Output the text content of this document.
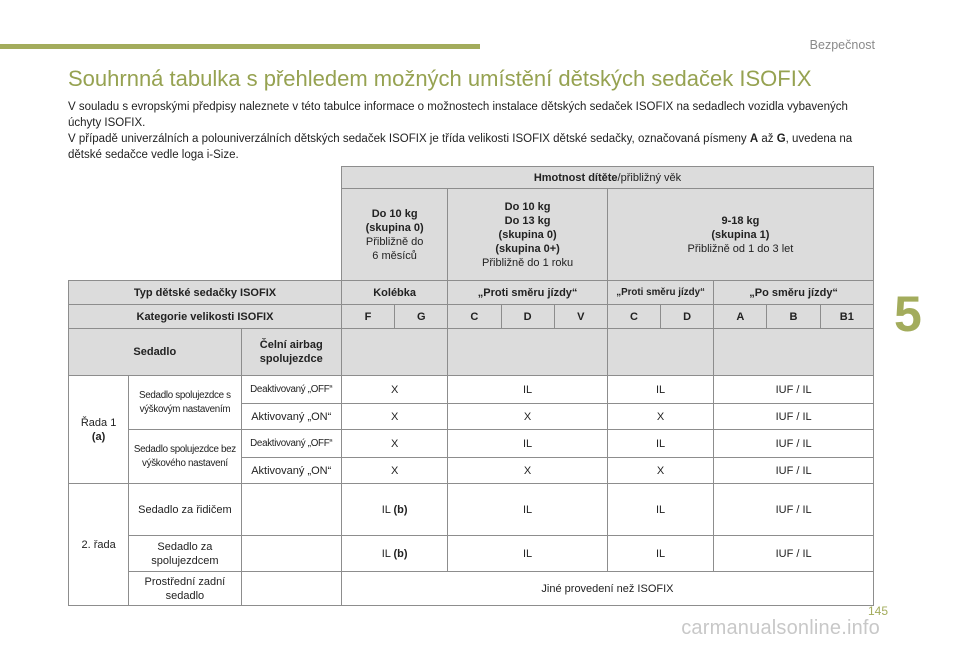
Bezpečnost
5
145
Souhrnná tabulka s přehledem možných umístění dětských sedaček ISOFIX

V souladu s evropskými předpisy naleznete v této tabulce informace o možnostech instalace dětských sedaček ISOFIX na sedadlech vozidla vybavených úchyty ISOFIX.

V případě univerzálních a polouniverzálních dětských sedaček ISOFIX je třída velikosti ISOFIX dětské sedačky, označovaná písmeny A až G, uvedena na dětské sedačce vedle loga i-Size.

			Hmotnost dítěte/přibližný věk									
			Do 10 kg
(skupina 0)
Přibližně do
6 měsíců		Do 10 kg
Do 13 kg
(skupina 0)
(skupina 0+)
Přibližně do 1 roku			9-18 kg
(skupina 1)
Přibližně od 1 do 3 let				
Typ dětské sedačky ISOFIX			Kolébka		„Proti směru jízdy“			„Proti směru jízdy“		„Po směru jízdy“		
Kategorie velikosti ISOFIX			F	G	C	D	V	C	D	A	B	B1
Sedadlo		Čelní airbag
spolujezdce										
Řada 1
(a)	Sedadlo spolujezdce s výškovým nastavením	Deaktivovaný „OFF“	X		IL			IL		IUF / IL		
		Aktivovaný „ON“	X		X			X		IUF / IL		
	Sedadlo spolujezdce bez výškového nastavení	Deaktivovaný „OFF“	X		IL			IL		IUF / IL		
		Aktivovaný „ON“	X		X			X		IUF / IL		
2. řada	Sedadlo za řidičem		IL (b)		IL			IL		IUF / IL		
	Sedadlo za spolujezdcem		IL (b)		IL			IL		IUF / IL		
	Prostřední zadní sedadlo		Jiné provedení než ISOFIX									
carmanualsonline.info
